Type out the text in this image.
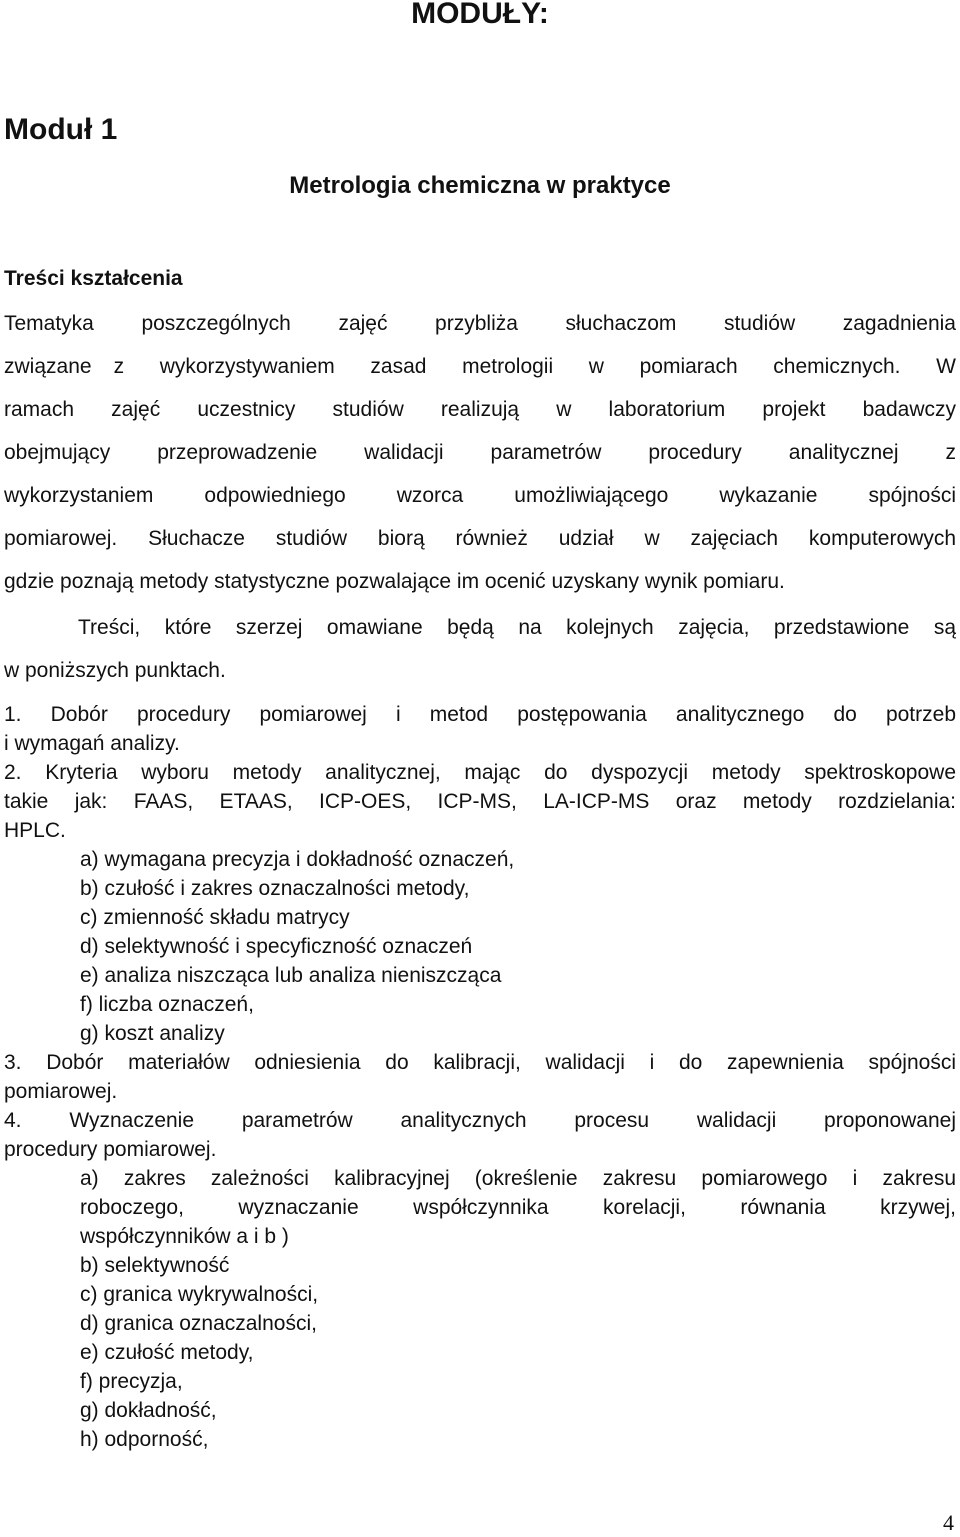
MODUŁY:
Moduł 1
Metrologia chemiczna w praktyce
Treści kształcenia
Tematyka poszczególnych zajęć przybliża słuchaczom studiów zagadnienia
związane z wykorzystywaniem zasad metrologii w pomiarach chemicznych. W
ramach zajęć uczestnicy studiów realizują w laboratorium projekt badawczy
obejmujący przeprowadzenie walidacji parametrów procedury analitycznej z
wykorzystaniem odpowiedniego wzorca umożliwiającego wykazanie spójności
pomiarowej. Słuchacze studiów biorą również udział w zajęciach komputerowych
gdzie poznają metody statystyczne pozwalające im ocenić uzyskany wynik pomiaru.
Treści, które szerzej omawiane będą na kolejnych zajęcia, przedstawione są
w poniższych punktach.
1. Dobór procedury pomiarowej i metod postępowania analitycznego do potrzeb
i wymagań analizy.
2. Kryteria wyboru metody analitycznej, mając do dyspozycji metody spektroskopowe
takie jak: FAAS, ETAAS, ICP-OES, ICP-MS, LA-ICP-MS oraz metody rozdzielania:
HPLC.
a) wymagana precyzja i dokładność oznaczeń,
b) czułość i zakres oznaczalności metody,
c) zmienność składu matrycy
d) selektywność i specyficzność oznaczeń
e) analiza niszcząca lub analiza nieniszcząca
f) liczba oznaczeń,
g) koszt analizy
3. Dobór materiałów odniesienia do kalibracji, walidacji i do zapewnienia spójności
pomiarowej.
4. Wyznaczenie parametrów analitycznych procesu walidacji proponowanej
procedury pomiarowej.
a) zakres zależności kalibracyjnej (określenie zakresu pomiarowego i zakresu
roboczego, wyznaczanie współczynnika korelacji, równania krzywej,
współczynników a i b )
b) selektywność
c) granica wykrywalności,
d) granica oznaczalności,
e) czułość metody,
f) precyzja,
g) dokładność,
h) odporność,
4
